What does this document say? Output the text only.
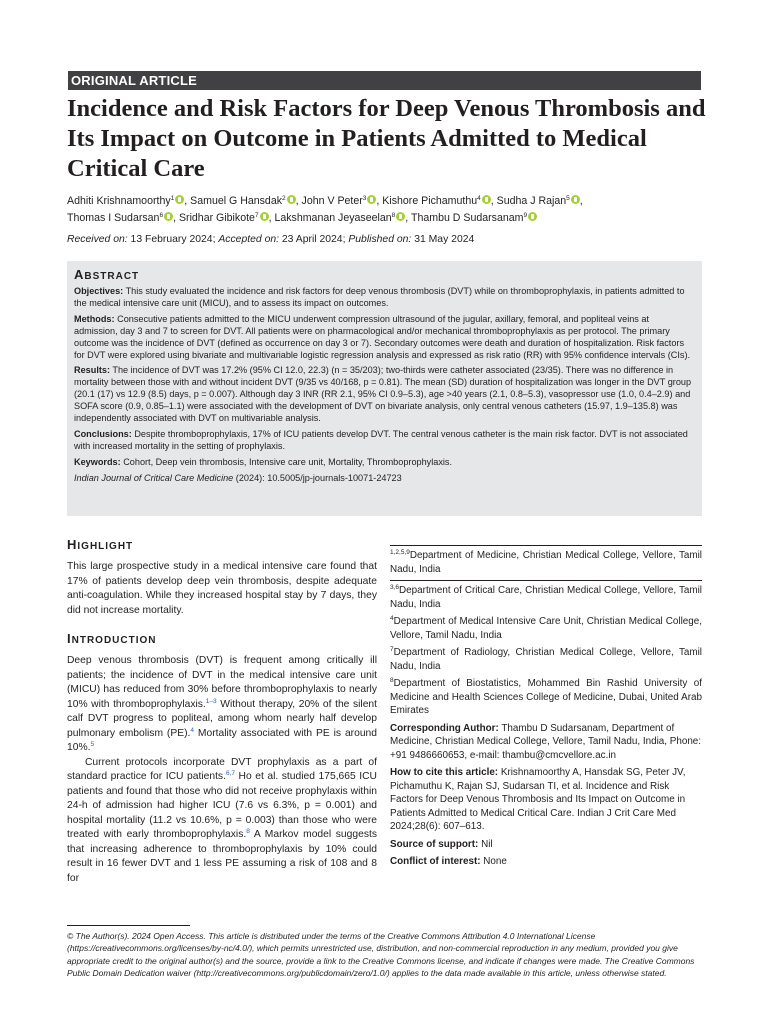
ORIGINAL ARTICLE
Incidence and Risk Factors for Deep Venous Thrombosis and Its Impact on Outcome in Patients Admitted to Medical Critical Care
Adhiti Krishnamoorthy$^1$ , Samuel G Hansdak$^2$ , John V Peter$^3$ , Kishore Pichamuthu$^4$ , Sudha J Rajan$^5$ ,
Thomas I Sudarsan$^6$ , Sridhar Gibikote$^7$ , Lakshmanan Jeyaseelan$^8$ , Thambu D Sudarsanam$^9$
Received on: 13 February 2024; Accepted on: 23 April 2024; Published on: 31 May 2024
ABSTRACT

Objectives: This study evaluated the incidence and risk factors for deep venous thrombosis (DVT) while on thromboprophylaxis, in patients admitted to the medical intensive care unit (MICU), and to assess its impact on outcomes.

Methods: Consecutive patients admitted to the MICU underwent compression ultrasound of the jugular, axillary, femoral, and popliteal veins at admission, day 3 and 7 to screen for DVT. All patients were on pharmacological and/or mechanical thromboprophylaxis as per protocol. The primary outcome was the incidence of DVT (defined as occurrence on day 3 or 7). Secondary outcomes were death and duration of hospitalization. Risk factors for DVT were explored using bivariate and multivariable logistic regression analysis and expressed as risk ratio (RR) with 95% confidence intervals (CIs).

Results: The incidence of DVT was 17.2% (95% CI 12.0, 22.3) (n = 35/203); two-thirds were catheter associated (23/35). There was no difference in mortality between those with and without incident DVT (9/35 vs 40/168, p = 0.81). The mean (SD) duration of hospitalization was longer in the DVT group (20.1 (17) vs 12.9 (8.5) days, p = 0.007). Although day 3 INR (RR 2.1, 95% CI 0.9–5.3), age >40 years (2.1, 0.8–5.3), vasopressor use (1.0, 0.4–2.9) and SOFA score (0.9, 0.85–1.1) were associated with the development of DVT on bivariate analysis, only central venous catheters (15.97, 1.9–135.8) was independently associated with DVT on multivariable analysis.

Conclusions: Despite thromboprophylaxis, 17% of ICU patients develop DVT. The central venous catheter is the main risk factor. DVT is not associated with increased mortality in the setting of prophylaxis.

Keywords: Cohort, Deep vein thrombosis, Intensive care unit, Mortality, Thromboprophylaxis.

Indian Journal of Critical Care Medicine (2024): 10.5005/jp-journals-10071-24723

HIGHLIGHT

This large prospective study in a medical intensive care found that 17% of patients develop deep vein thrombosis, despite adequate anti-coagulation. While they increased hospital stay by 7 days, they did not increase mortality.

INTRODUCTION

Deep venous thrombosis (DVT) is frequent among critically ill patients; the incidence of DVT in the medical intensive care unit (MICU) has reduced from 30% before thromboprophylaxis to nearly 10% with thromboprophylaxis.$^{1-3}$ Without therapy, 20% of the silent calf DVT progress to popliteal, among whom nearly half develop pulmonary embolism (PE).$^4$ Mortality associated with PE is around 10%.$^5$

Current protocols incorporate DVT prophylaxis as a part of standard practice for ICU patients.$^{6,7}$ Ho et al. studied 175,665 ICU patients and found that those who did not receive prophylaxis within 24-h of admission had higher ICU (7.6 vs 6.3%, p = 0.001) and hospital mortality (11.2 vs 10.6%, p = 0.003) than those who were treated with early thromboprophylaxis.$^8$ A Markov model suggests that increasing adherence to thromboprophylaxis by 10% could result in 16 fewer DVT and 1 less PE assuming a risk of 108 and 8 for

$^{1,2,5,9}$Department of Medicine, Christian Medical College, Vellore, Tamil Nadu, India

$^{3,6}$Department of Critical Care, Christian Medical College, Vellore, Tamil Nadu, India

$^4$Department of Medical Intensive Care Unit, Christian Medical College, Vellore, Tamil Nadu, India

$^7$Department of Radiology, Christian Medical College, Vellore, Tamil Nadu, India

$^8$Department of Biostatistics, Mohammed Bin Rashid University of Medicine and Health Sciences College of Medicine, Dubai, United Arab Emirates

Corresponding Author: Thambu D Sudarsanam, Department of Medicine, Christian Medical College, Vellore, Tamil Nadu, India, Phone: +91 9486660653, e-mail: thambu@cmcvellore.ac.in

How to cite this article: Krishnamoorthy A, Hansdak SG, Peter JV, Pichamuthu K, Rajan SJ, Sudarsan TI, et al. Incidence and Risk Factors for Deep Venous Thrombosis and Its Impact on Outcome in Patients Admitted to Medical Critical Care. Indian J Crit Care Med 2024;28(6): 607–613.

Source of support: Nil

Conflict of interest: None

© The Author(s). 2024 Open Access. This article is distributed under the terms of the Creative Commons Attribution 4.0 International License (https://creativecommons.org/licenses/by-nc/4.0/), which permits unrestricted use, distribution, and non-commercial reproduction in any medium, provided you give appropriate credit to the original author(s) and the source, provide a link to the Creative Commons license, and indicate if changes were made. The Creative Commons Public Domain Dedication waiver (http://creativecommons.org/publicdomain/zero/1.0/) applies to the data made available in this article, unless otherwise stated.
